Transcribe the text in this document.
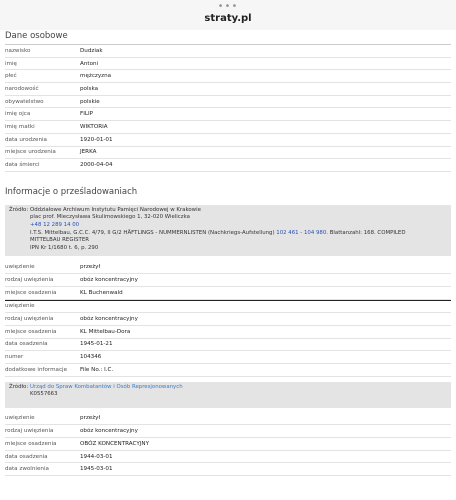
•••
straty.pl
Dane osobowe
nazwisko	Dudziak
imię	Antoni
płeć	mężczyzna
narodowość	polska
obywatelstwo	polskie
imię ojca	FILIP
imię matki	WIKTORIA
data urodzenia	1920-01-01
miejsce urodzenia	JERKA
data śmierci	2000-04-04
Informacje o prześladowaniach
Źródło: Oddziałowe Archiwum Instytutu Pamięci Narodowej w Krakowie
plac prof. Mieczysława Skulimowskiego 1, 32-020 Wieliczka
+48 12 289 14 00
I.T.S. Mittelbau, G.C.C. 4/79, II G/2 HÄFTLINGS - NUMMERNLISTEN (Nachkriegs-Aufstellung) 102 461 - 104 980. Blattanzahl: 168. COMPILED
MITTELBAU REGISTER
IPN Kr 1/1680 t. 6, p. 290
uwięzienie	przeżył
rodzaj uwięzienia	obóz koncentracyjny
miejsce osadzenia	KL Buchenwald
uwięzienie	
rodzaj uwięzienia	obóz koncentracyjny
miejsce osadzenia	KL Mittelbau-Dora
data osadzenia	1945-01-21
numer	104346
dodatkowe informacje	File No.: I.C.
Źródło: Urząd do Spraw Kombatantów i Osób Represjonowanych
K0557663
uwięzienie	przeżył
rodzaj uwięzienia	obóz koncentracyjny
miejsce osadzenia	OBÓZ KONCENTRACYJNY
data osadzenia	1944-03-01
data zwolnienia	1945-03-01
